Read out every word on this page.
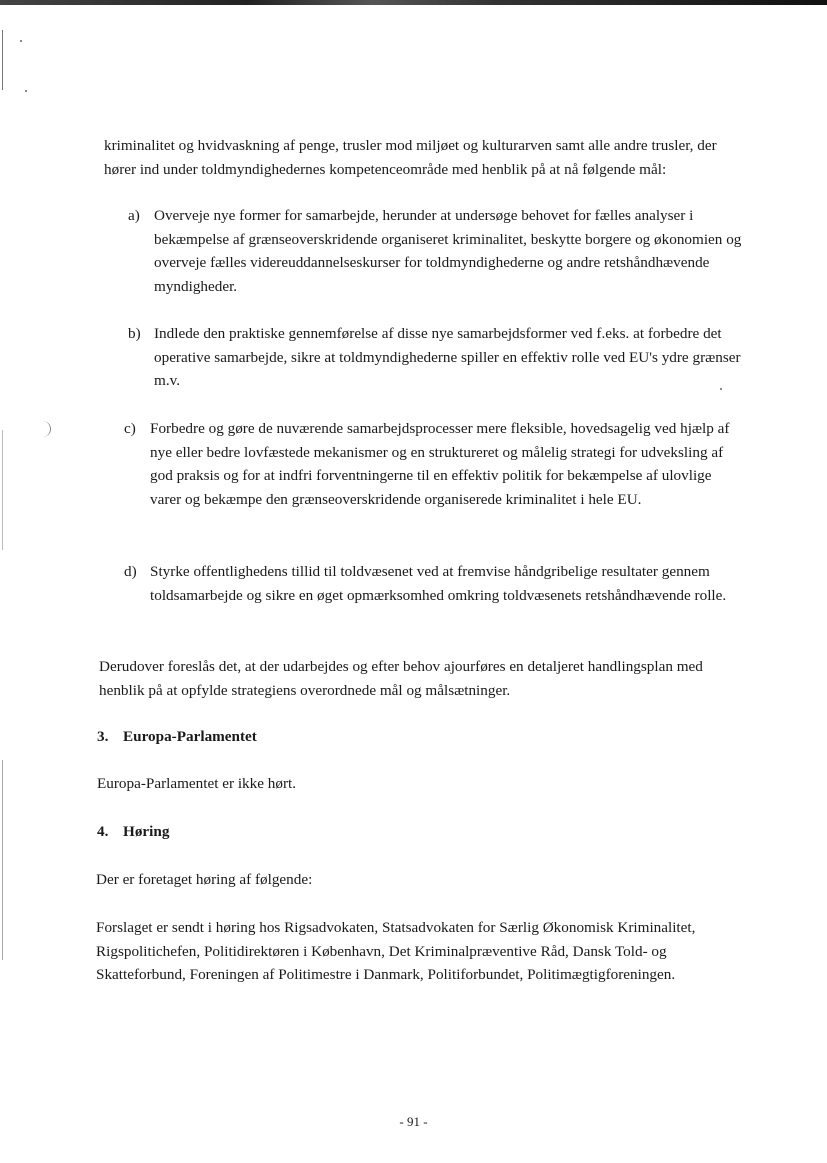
kriminalitet og hvidvaskning af penge, trusler mod miljøet og kulturarven samt alle andre trusler, der hører ind under toldmyndighedernes kompetenceområde med henblik på at nå følgende mål:

a) Overveje nye former for samarbejde, herunder at undersøge behovet for fælles analyser i bekæmpelse af grænseoverskridende organiseret kriminalitet, beskytte borgere og økonomien og overveje fælles videreuddannelseskurser for toldmyndighederne og andre retshåndhævende myndigheder.
b) Indlede den praktiske gennemførelse af disse nye samarbejdsformer ved f.eks. at forbedre det operative samarbejde, sikre at toldmyndighederne spiller en effektiv rolle ved EU's ydre grænser m.v.
c) Forbedre og gøre de nuværende samarbejdsprocesser mere fleksible, hovedsagelig ved hjælp af nye eller bedre lovfæstede mekanismer og en struktureret og målelig strategi for udveksling af god praksis og for at indfri forventningerne til en effektiv politik for bekæmpelse af ulovlige varer og bekæmpe den grænseoverskridende organiserede kriminalitet i hele EU.
d) Styrke offentlighedens tillid til toldvæsenet ved at fremvise håndgribelige resultater gennem toldsamarbejde og sikre en øget opmærksomhed omkring toldvæsenets retshåndhævende rolle.

Derudover foreslås det, at der udarbejdes og efter behov ajourføres en detaljeret handlingsplan med henblik på at opfylde strategiens overordnede mål og målsætninger.

3. Europa-Parlamentet

Europa-Parlamentet er ikke hørt.

4. Høring

Der er foretaget høring af følgende:

Forslaget er sendt i høring hos Rigsadvokaten, Statsadvokaten for Særlig Økonomisk Kriminalitet, Rigspolitichefen, Politidirektøren i København, Det Kriminalpræventive Råd, Dansk Told- og Skatteforbund, Foreningen af Politimestre i Danmark, Politiforbundet, Politimægtigforeningen.

- 91 -
